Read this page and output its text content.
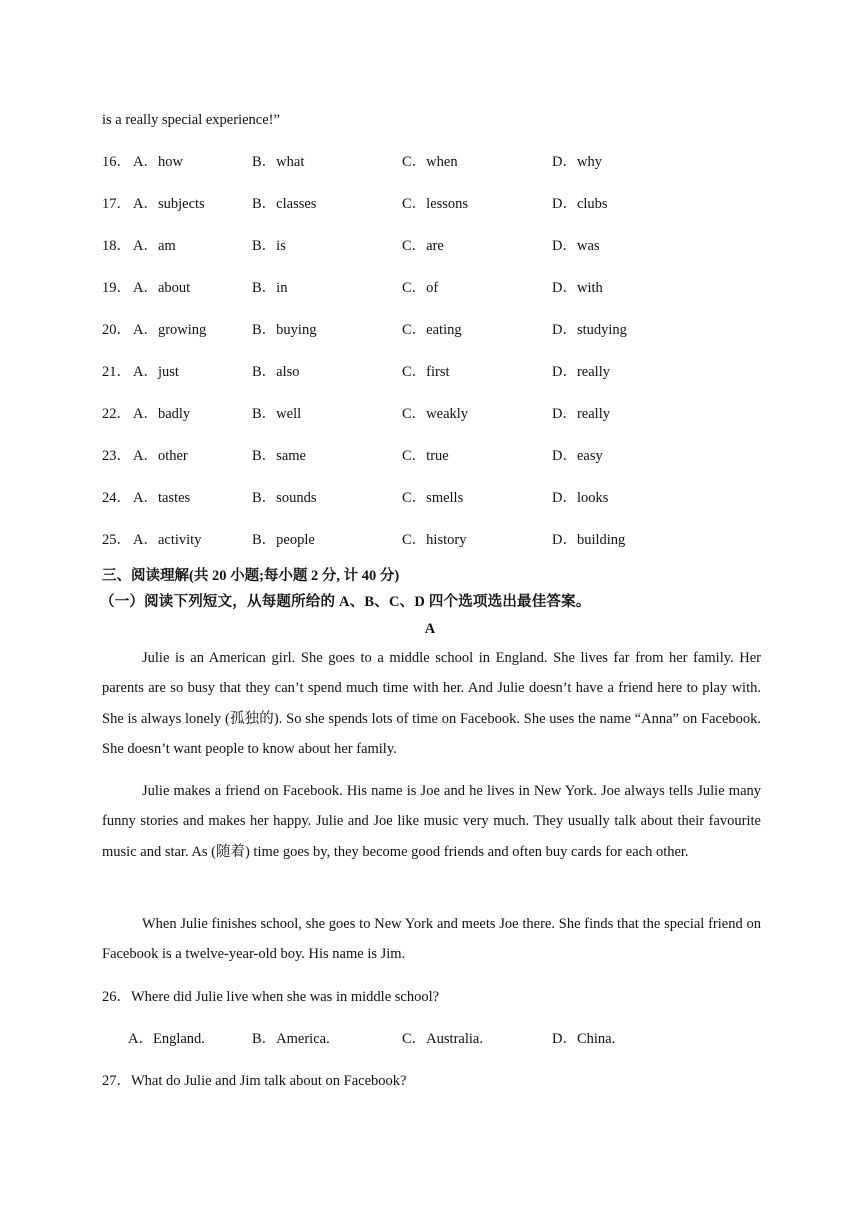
is a really special experience!”
16． A．how	B．what	C．when	D．why
17． A．subjects	B．classes	C．lessons	D．clubs
18． A．am	B．is	C．are	D．was
19． A．about	B．in	C．of	D．with
20． A．growing	B．buying	C．eating	D．studying
21． A．just	B．also	C．first	D．really
22． A．badly	B．well	C．weakly	D．really
23． A．other	B．same	C．true	D．easy
24． A．tastes	B．sounds	C．smells	D．looks
25． A．activity	B．people	C．history	D．building
三、阅读理解(共 20 小题;每小题 2 分, 计 40 分)
（一）阅读下列短文，从每题所给的 A、B、C、D 四个选项选出最佳答案。
A

Julie is an American girl. She goes to a middle school in England. She lives far from her family. Her parents are so busy that they can’t spend much time with her. And Julie doesn’t have a friend here to play with. She is always lonely (孤独的). So she spends lots of time on Facebook. She uses the name “Anna” on Facebook. She doesn’t want people to know about her family.

Julie makes a friend on Facebook. His name is Joe and he lives in New York. Joe always tells Julie many funny stories and makes her happy. Julie and Joe like music very much. They usually talk about their favourite music and star. As (随着) time goes by, they become good friends and often buy cards for each other.

When Julie finishes school, she goes to New York and meets Joe there. She finds that the special friend on Facebook is a twelve-year-old boy. His name is Jim.

26．Where did Julie live when she was in middle school?
A．England.	B．America.	C．Australia.	D．China.
27．What do Julie and Jim talk about on Facebook?
